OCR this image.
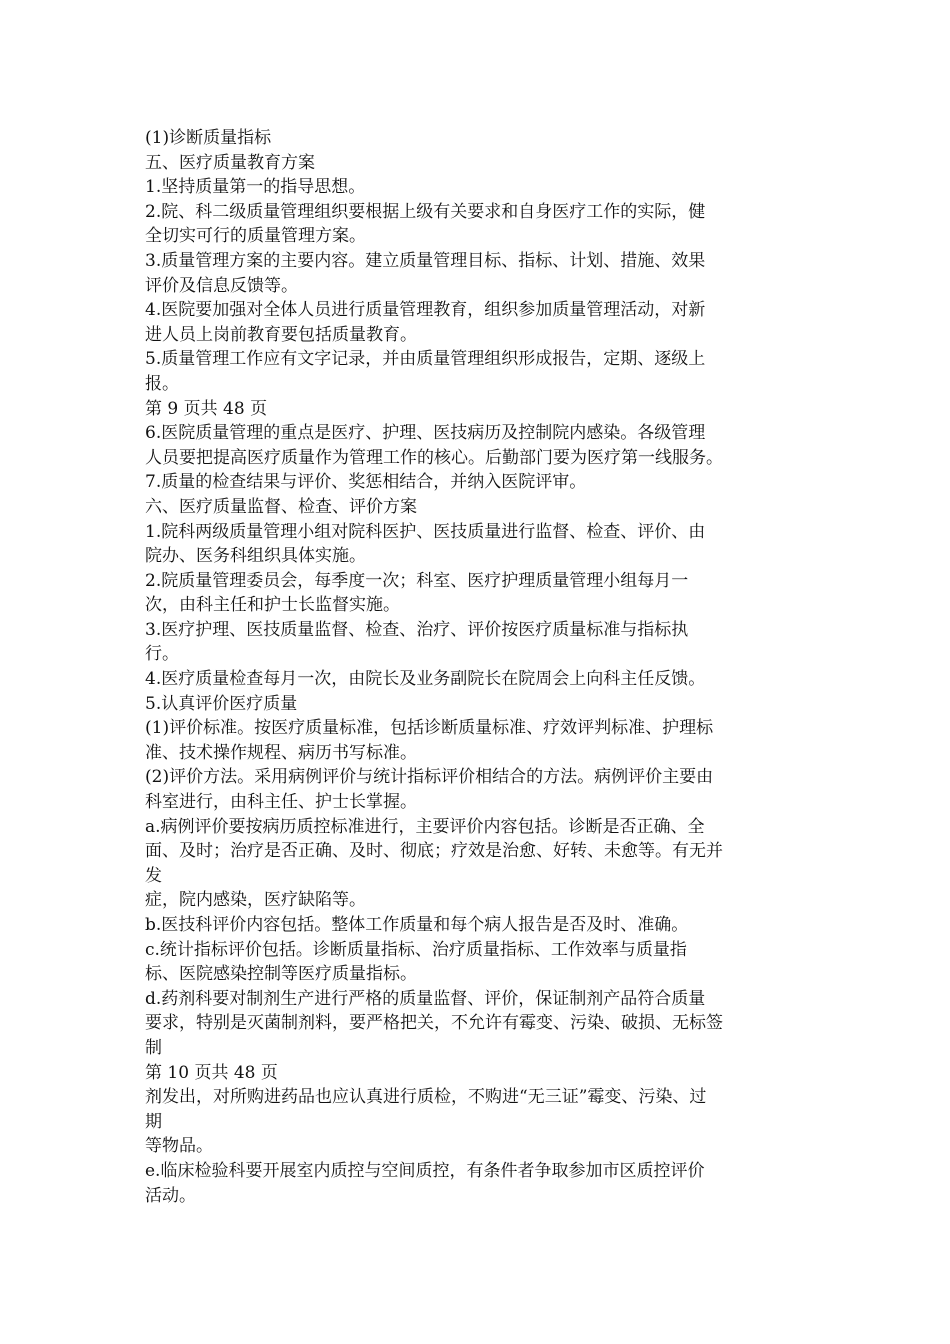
(1)诊断质量指标
五、医疗质量教育方案
1.坚持质量第一的指导思想。
2.院、科二级质量管理组织要根据上级有关要求和自身医疗工作的实际，健
全切实可行的质量管理方案。
3.质量管理方案的主要内容。建立质量管理目标、指标、计划、措施、效果
评价及信息反馈等。
4.医院要加强对全体人员进行质量管理教育，组织参加质量管理活动，对新
进人员上岗前教育要包括质量教育。
5.质量管理工作应有文字记录，并由质量管理组织形成报告，定期、逐级上
报。
第 9 页共 48 页
6.医院质量管理的重点是医疗、护理、医技病历及控制院内感染。各级管理
人员要把提高医疗质量作为管理工作的核心。后勤部门要为医疗第一线服务。
7.质量的检查结果与评价、奖惩相结合，并纳入医院评审。
六、医疗质量监督、检查、评价方案
1.院科两级质量管理小组对院科医护、医技质量进行监督、检查、评价、由
院办、医务科组织具体实施。
2.院质量管理委员会，每季度一次；科室、医疗护理质量管理小组每月一
次，由科主任和护士长监督实施。
3.医疗护理、医技质量监督、检查、治疗、评价按医疗质量标准与指标执
行。
4.医疗质量检查每月一次，由院长及业务副院长在院周会上向科主任反馈。
5.认真评价医疗质量
(1)评价标准。按医疗质量标准，包括诊断质量标准、疗效评判标准、护理标
准、技术操作规程、病历书写标准。
(2)评价方法。采用病例评价与统计指标评价相结合的方法。病例评价主要由
科室进行，由科主任、护士长掌握。
a.病例评价要按病历质控标准进行，主要评价内容包括。诊断是否正确、全
面、及时；治疗是否正确、及时、彻底；疗效是治愈、好转、未愈等。有无并
发
症，院内感染，医疗缺陷等。
b.医技科评价内容包括。整体工作质量和每个病人报告是否及时、准确。
c.统计指标评价包括。诊断质量指标、治疗质量指标、工作效率与质量指
标、医院感染控制等医疗质量指标。
d.药剂科要对制剂生产进行严格的质量监督、评价，保证制剂产品符合质量
要求，特别是灭菌制剂料，要严格把关，不允许有霉变、污染、破损、无标签
制
第 10 页共 48 页
剂发出，对所购进药品也应认真进行质检，不购进“无三证”霉变、污染、过
期
等物品。
e.临床检验科要开展室内质控与空间质控，有条件者争取参加市区质控评价
活动。
